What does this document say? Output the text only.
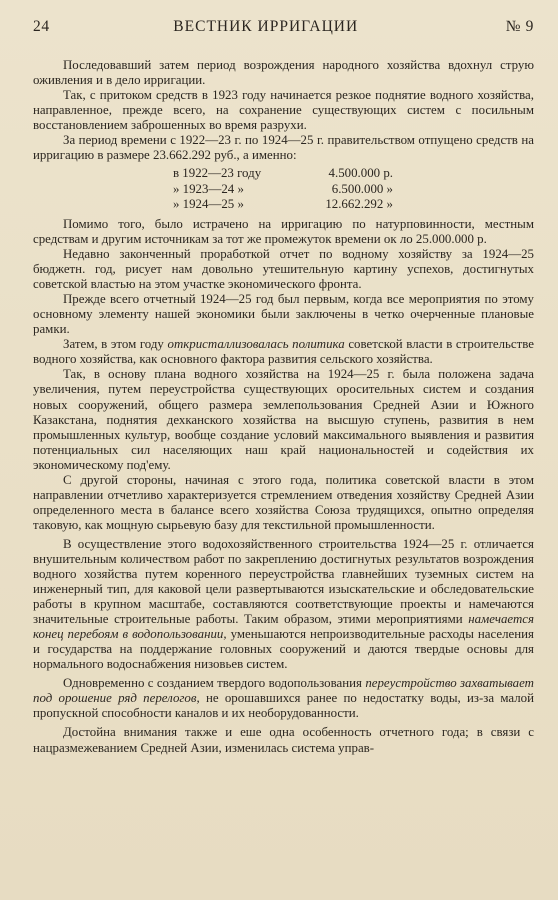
24	ВЕСТНИК ИРРИГАЦИИ	№ 9

Последовавший затем период возрождения народного хозяйства вдохнул струю оживления и в дело ирригации.

Так, с притоком средств в 1923 году начинается резкое поднятие водного хозяйства, направленное, прежде всего, на сохранение существующих систем с посильным восстановлением заброшенных во время разрухи.

За период времени с 1922—23 г. по 1924—25 г. правительством отпущено средств на ирригацию в размере 23.662.292 руб., а именно:

в 1922—23 году	4.500.000 р.
» 1923—24 »	6.500.000 »
» 1924—25 »	12.662.292 »

Помимо того, было истрачено на ирригацию по натурповинности, местным средствам и другим источникам за тот же промежуток времени ок ло 25.000.000 р.

Недавно законченный проработкой отчет по водному хозяйству за 1924—25 бюджетн. год, рисует нам довольно утешительную картину успехов, достигнутых советской властью на этом участке экономического фронта.

Прежде всего отчетный 1924—25 год был первым, когда все мероприятия по этому основному элементу нашей экономики были заключены в четко очерченные плановые рамки.

Затем, в этом году откристаллизовалась политика советской власти в строительстве водного хозяйства, как основного фактора развития сельского хозяйства.

Так, в основу плана водного хозяйства на 1924—25 г. была положена задача увеличения, путем переустройства существующих оросительных систем и создания новых сооружений, общего размера землепользования Средней Азии и Южного Казакстана, поднятия дехканского хозяйства на высшую ступень, развития в нем промышленных культур, вообще создание условий максимального выявления и развития потенциальных сил населяющих наш край национальностей и содействия их экономическому под'ему.

С другой стороны, начиная с этого года, политика советской власти в этом направлении отчетливо характеризуется стремлением отведения хозяйству Средней Азии определенного места в балансе всего хозяйства Союза трудящихся, опытно определяя таковую, как мощную сырьевую базу для текстильной промышленности.

В осуществление этого водохозяйственного строительства 1924—25 г. отличается внушительным количеством работ по закреплению достигнутых результатов возрождения водного хозяйства путем коренного переустройства главнейших туземных систем на инженерный тип, для каковой цели развертываются изыскательские и обследовательские работы в крупном масштабе, составляются соответствующие проекты и намечаются значительные строительные работы. Таким образом, этими мероприятиями намечается конец перебоям в водопользовании, уменьшаются непроизводительные расходы населения и государства на поддержание головных сооружений и даются твердые основы для нормального водоснабжения низовьев систем.

Одновременно с созданием твердого водопользования переустройство захватывает под орошение ряд перелогов, не орошавшихся ранее по недостатку воды, из-за малой пропускной способности каналов и их необорудованности.

Достойна внимания также и еше одна особенность отчетного года; в связи с нацразмежеванием Средней Азии, изменилась система управ-
